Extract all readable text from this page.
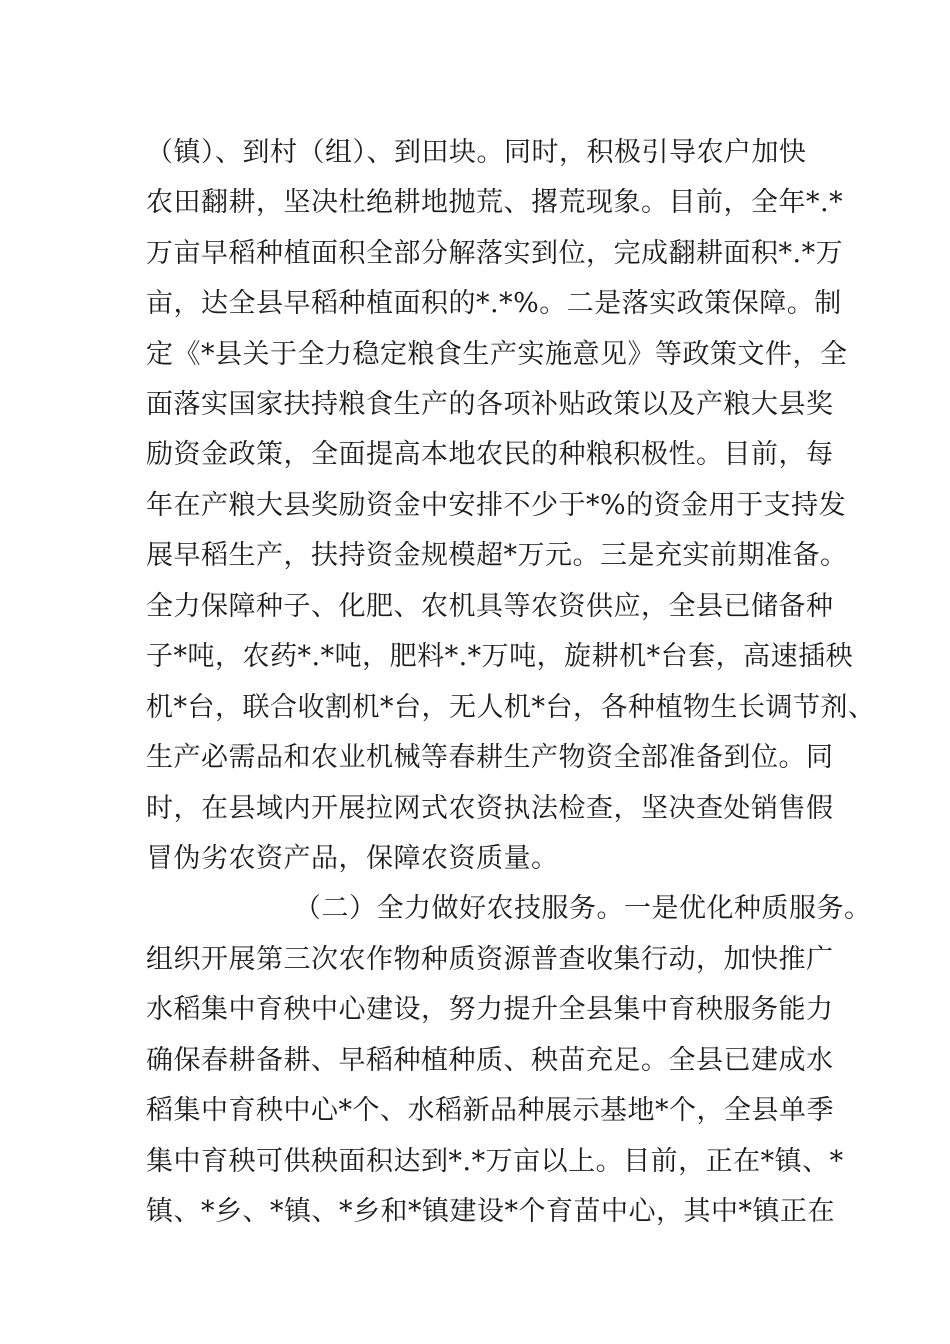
（镇）、到村（组）、到田块。同时，积极引导农户加快
农田翻耕，坚决杜绝耕地抛荒、撂荒现象。目前，全年*.*
万亩早稻种植面积全部分解落实到位，完成翻耕面积*.*万
亩，达全县早稻种植面积的*.*%。二是落实政策保障。制
定《*县关于全力稳定粮食生产实施意见》等政策文件，全
面落实国家扶持粮食生产的各项补贴政策以及产粮大县奖
励资金政策，全面提高本地农民的种粮积极性。目前，每
年在产粮大县奖励资金中安排不少于*%的资金用于支持发
展早稻生产，扶持资金规模超*万元。三是充实前期准备。
全力保障种子、化肥、农机具等农资供应，全县已储备种
子*吨，农药*.*吨，肥料*.*万吨，旋耕机*台套，高速插秧
机*台，联合收割机*台，无人机*台，各种植物生长调节剂、
生产必需品和农业机械等春耕生产物资全部准备到位。同
时，在县域内开展拉网式农资执法检查，坚决查处销售假
冒伪劣农资产品，保障农资质量。
（二）全力做好农技服务。一是优化种质服务。
组织开展第三次农作物种质资源普查收集行动，加快推广
水稻集中育秧中心建设，努力提升全县集中育秧服务能力
确保春耕备耕、早稻种植种质、秧苗充足。全县已建成水
稻集中育秧中心*个、水稻新品种展示基地*个，全县单季
集中育秧可供秧面积达到*.*万亩以上。目前，正在*镇、*
镇、*乡、*镇、*乡和*镇建设*个育苗中心，其中*镇正在
